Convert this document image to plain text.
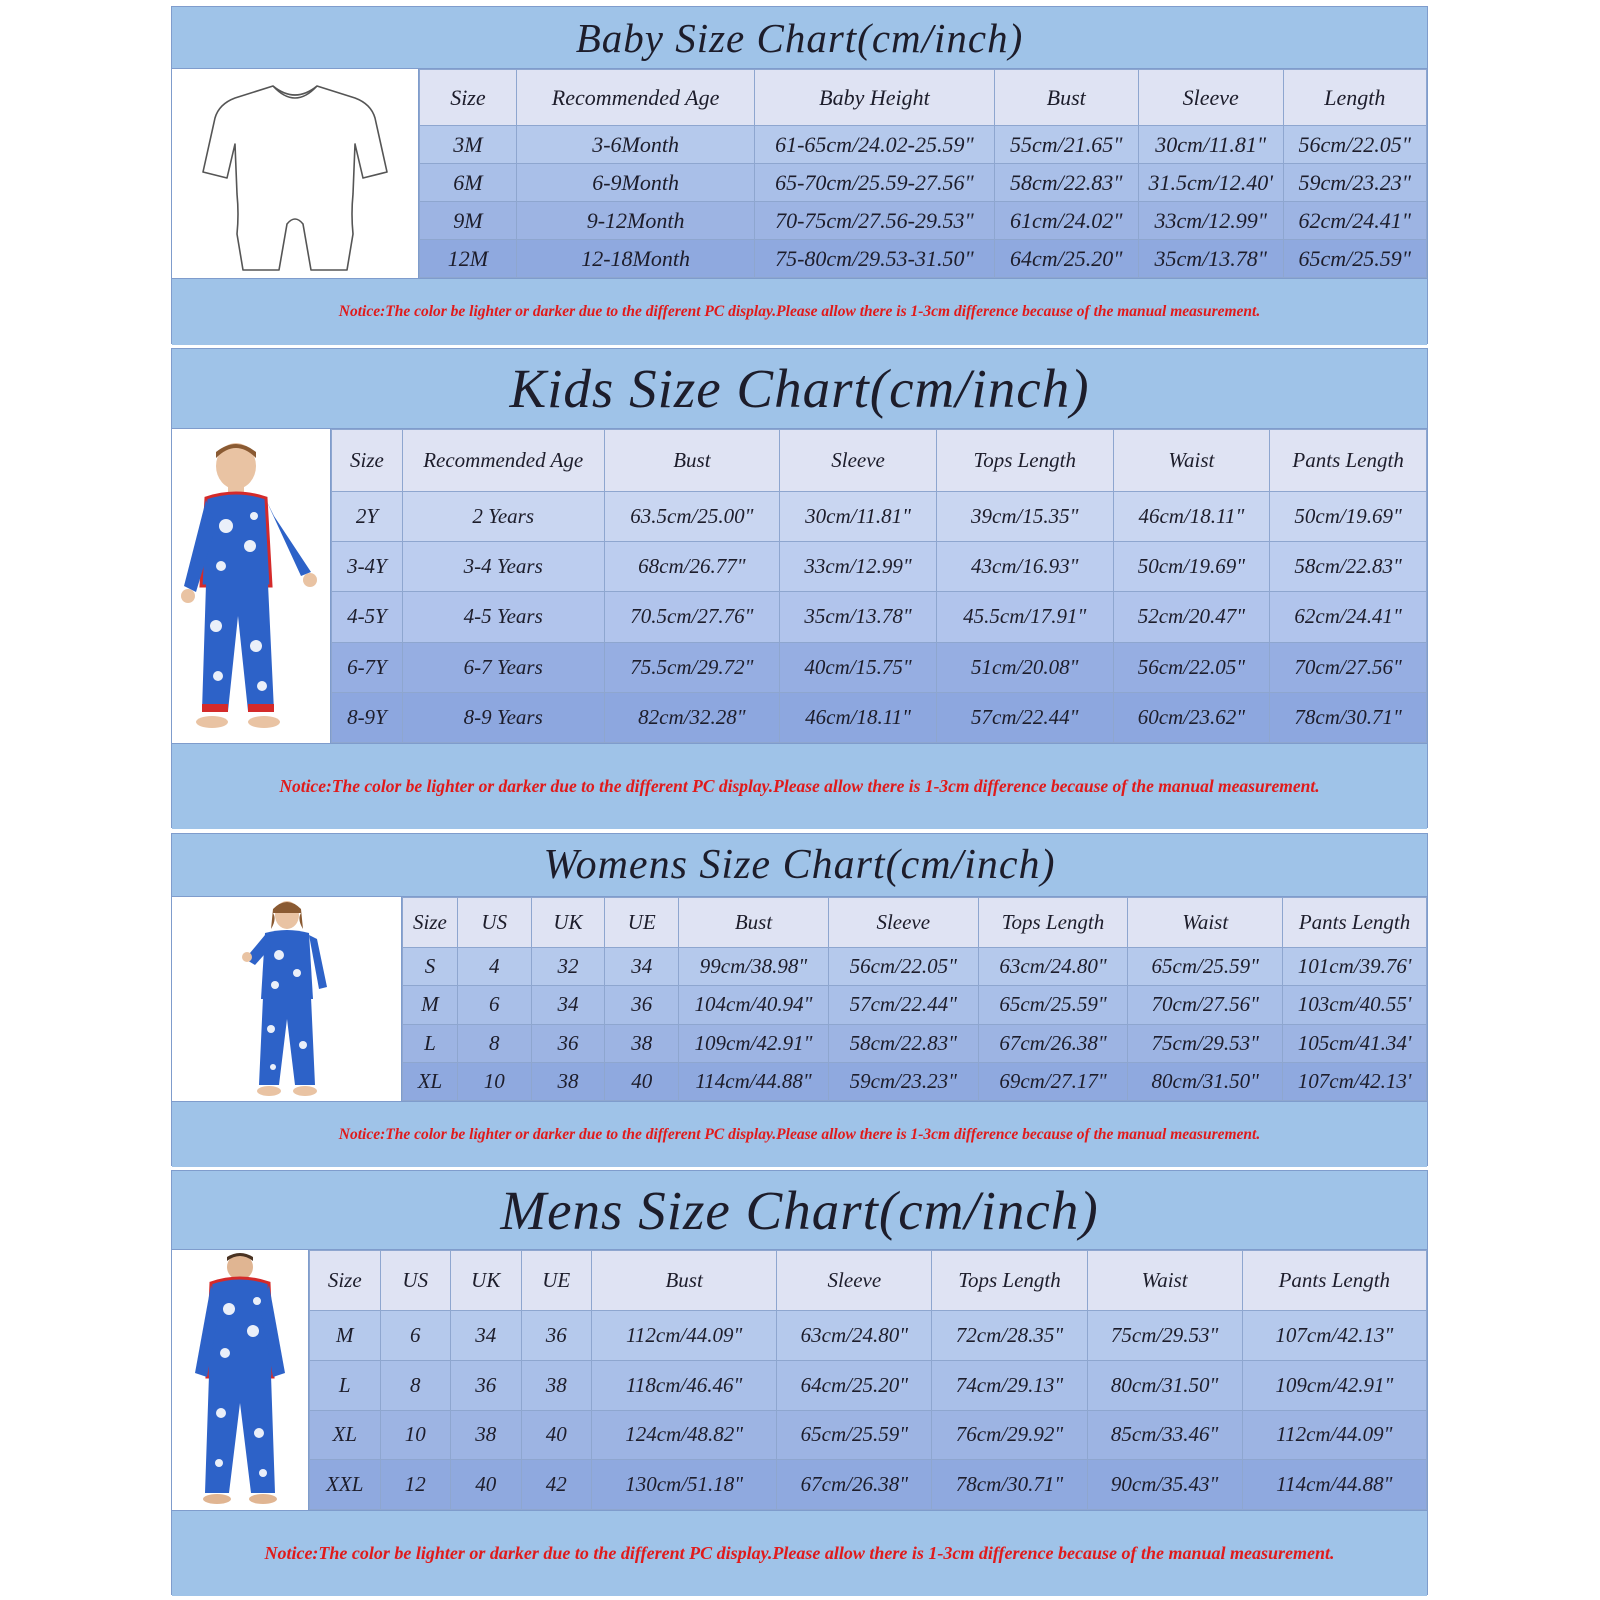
Baby Size Chart(cm/inch)
Size	Recommended Age	Baby Height	Bust	Sleeve	Length
3M	3-6Month	61-65cm/24.02-25.59"	55cm/21.65"	30cm/11.81"	56cm/22.05"
6M	6-9Month	65-70cm/25.59-27.56"	58cm/22.83"	31.5cm/12.40'	59cm/23.23"
9M	9-12Month	70-75cm/27.56-29.53"	61cm/24.02"	33cm/12.99"	62cm/24.41"
12M	12-18Month	75-80cm/29.53-31.50"	64cm/25.20"	35cm/13.78"	65cm/25.59"
Notice:The color be lighter or darker due to the different PC display.Please allow there is 1-3cm difference because of the manual measurement.
Kids Size Chart(cm/inch)
Size	Recommended Age	Bust	Sleeve	Tops Length	Waist	Pants Length
2Y	2 Years	63.5cm/25.00"	30cm/11.81"	39cm/15.35"	46cm/18.11"	50cm/19.69"
3-4Y	3-4 Years	68cm/26.77"	33cm/12.99"	43cm/16.93"	50cm/19.69"	58cm/22.83"
4-5Y	4-5 Years	70.5cm/27.76"	35cm/13.78"	45.5cm/17.91"	52cm/20.47"	62cm/24.41"
6-7Y	6-7 Years	75.5cm/29.72"	40cm/15.75"	51cm/20.08"	56cm/22.05"	70cm/27.56"
8-9Y	8-9 Years	82cm/32.28"	46cm/18.11"	57cm/22.44"	60cm/23.62"	78cm/30.71"
Notice:The color be lighter or darker due to the different PC display.Please allow there is 1-3cm difference because of the manual measurement.
Womens Size Chart(cm/inch)
Size	US	UK	UE	Bust	Sleeve	Tops Length	Waist	Pants Length
S	4	32	34	99cm/38.98"	56cm/22.05"	63cm/24.80"	65cm/25.59"	101cm/39.76'
M	6	34	36	104cm/40.94"	57cm/22.44"	65cm/25.59"	70cm/27.56"	103cm/40.55'
L	8	36	38	109cm/42.91"	58cm/22.83"	67cm/26.38"	75cm/29.53"	105cm/41.34'
XL	10	38	40	114cm/44.88"	59cm/23.23"	69cm/27.17"	80cm/31.50"	107cm/42.13'
Notice:The color be lighter or darker due to the different PC display.Please allow there is 1-3cm difference because of the manual measurement.
Mens Size Chart(cm/inch)
Size	US	UK	UE	Bust	Sleeve	Tops Length	Waist	Pants Length
M	6	34	36	112cm/44.09"	63cm/24.80"	72cm/28.35"	75cm/29.53"	107cm/42.13"
L	8	36	38	118cm/46.46"	64cm/25.20"	74cm/29.13"	80cm/31.50"	109cm/42.91"
XL	10	38	40	124cm/48.82"	65cm/25.59"	76cm/29.92"	85cm/33.46"	112cm/44.09"
XXL	12	40	42	130cm/51.18"	67cm/26.38"	78cm/30.71"	90cm/35.43"	114cm/44.88"
Notice:The color be lighter or darker due to the different PC display.Please allow there is 1-3cm difference because of the manual measurement.
